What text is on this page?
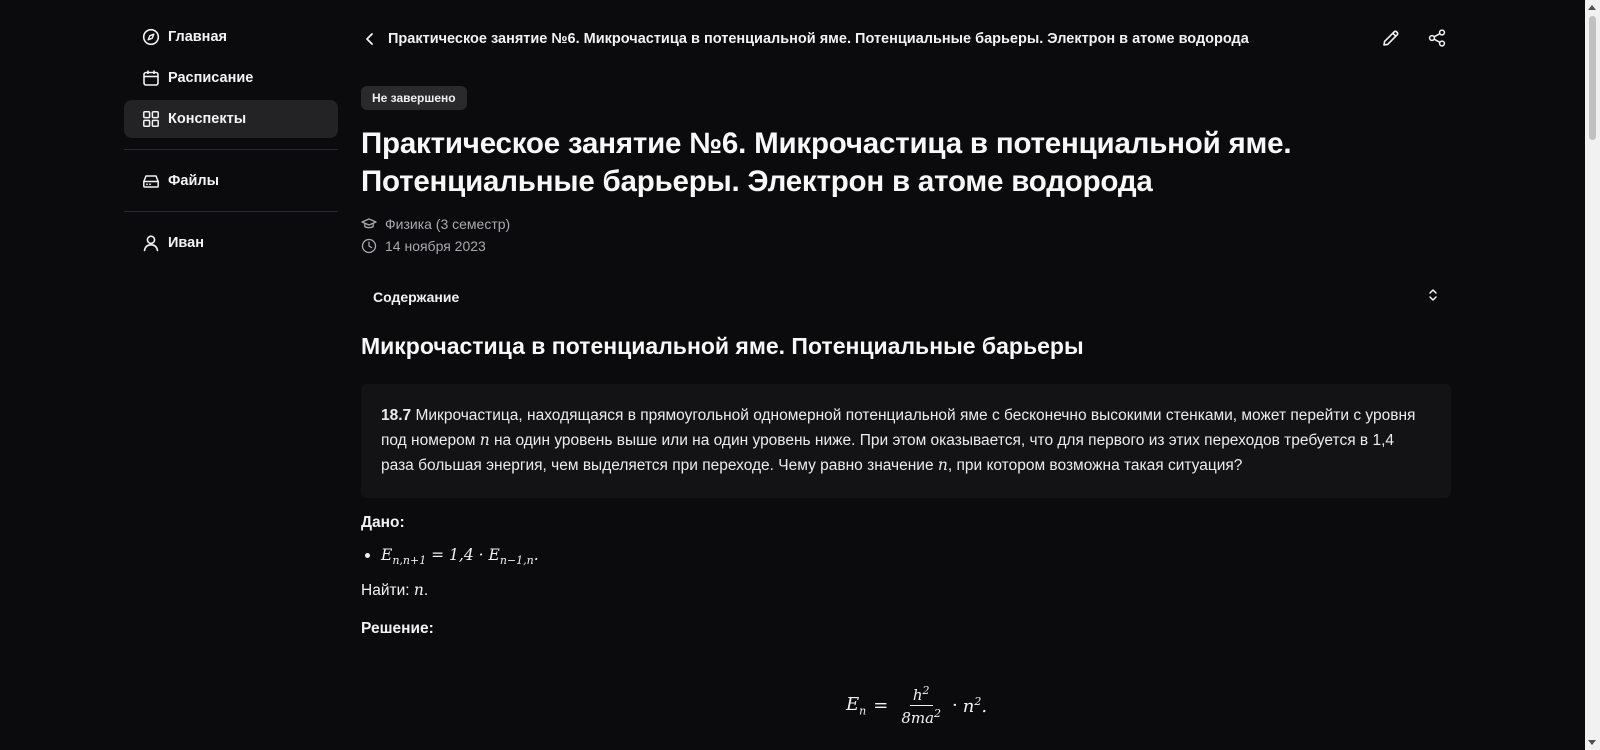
Главная
Расписание
Конспекты
Файлы
Иван
Практическое занятие №6. Микрочастица в потенциальной яме. Потенциальные барьеры. Электрон в атоме водорода
Не завершено
Практическое занятие №6. Микрочастица в потенциальной яме.
Потенциальные барьеры. Электрон в атоме водорода
Физика (3 семестр)
14 ноября 2023
Содержание
Микрочастица в потенциальной яме. Потенциальные барьеры
18.7 Микрочастица, находящаяся в прямоугольной одномерной потенциальной яме с бесконечно высокими стенками, может перейти с уровня под номером n на один уровень выше или на один уровень ниже. При этом оказывается, что для первого из этих переходов требуется в 1,4 раза большая энергия, чем выделяется при переходе. Чему равно значение n, при котором возможна такая ситуация?
Дано:
• $E_{n,n+1} = 1,4 \cdot E_{n-1,n}$.
Найти: n.
Решение:
$E_n = \frac{h^2}{8ma^2} \cdot n^2$.
